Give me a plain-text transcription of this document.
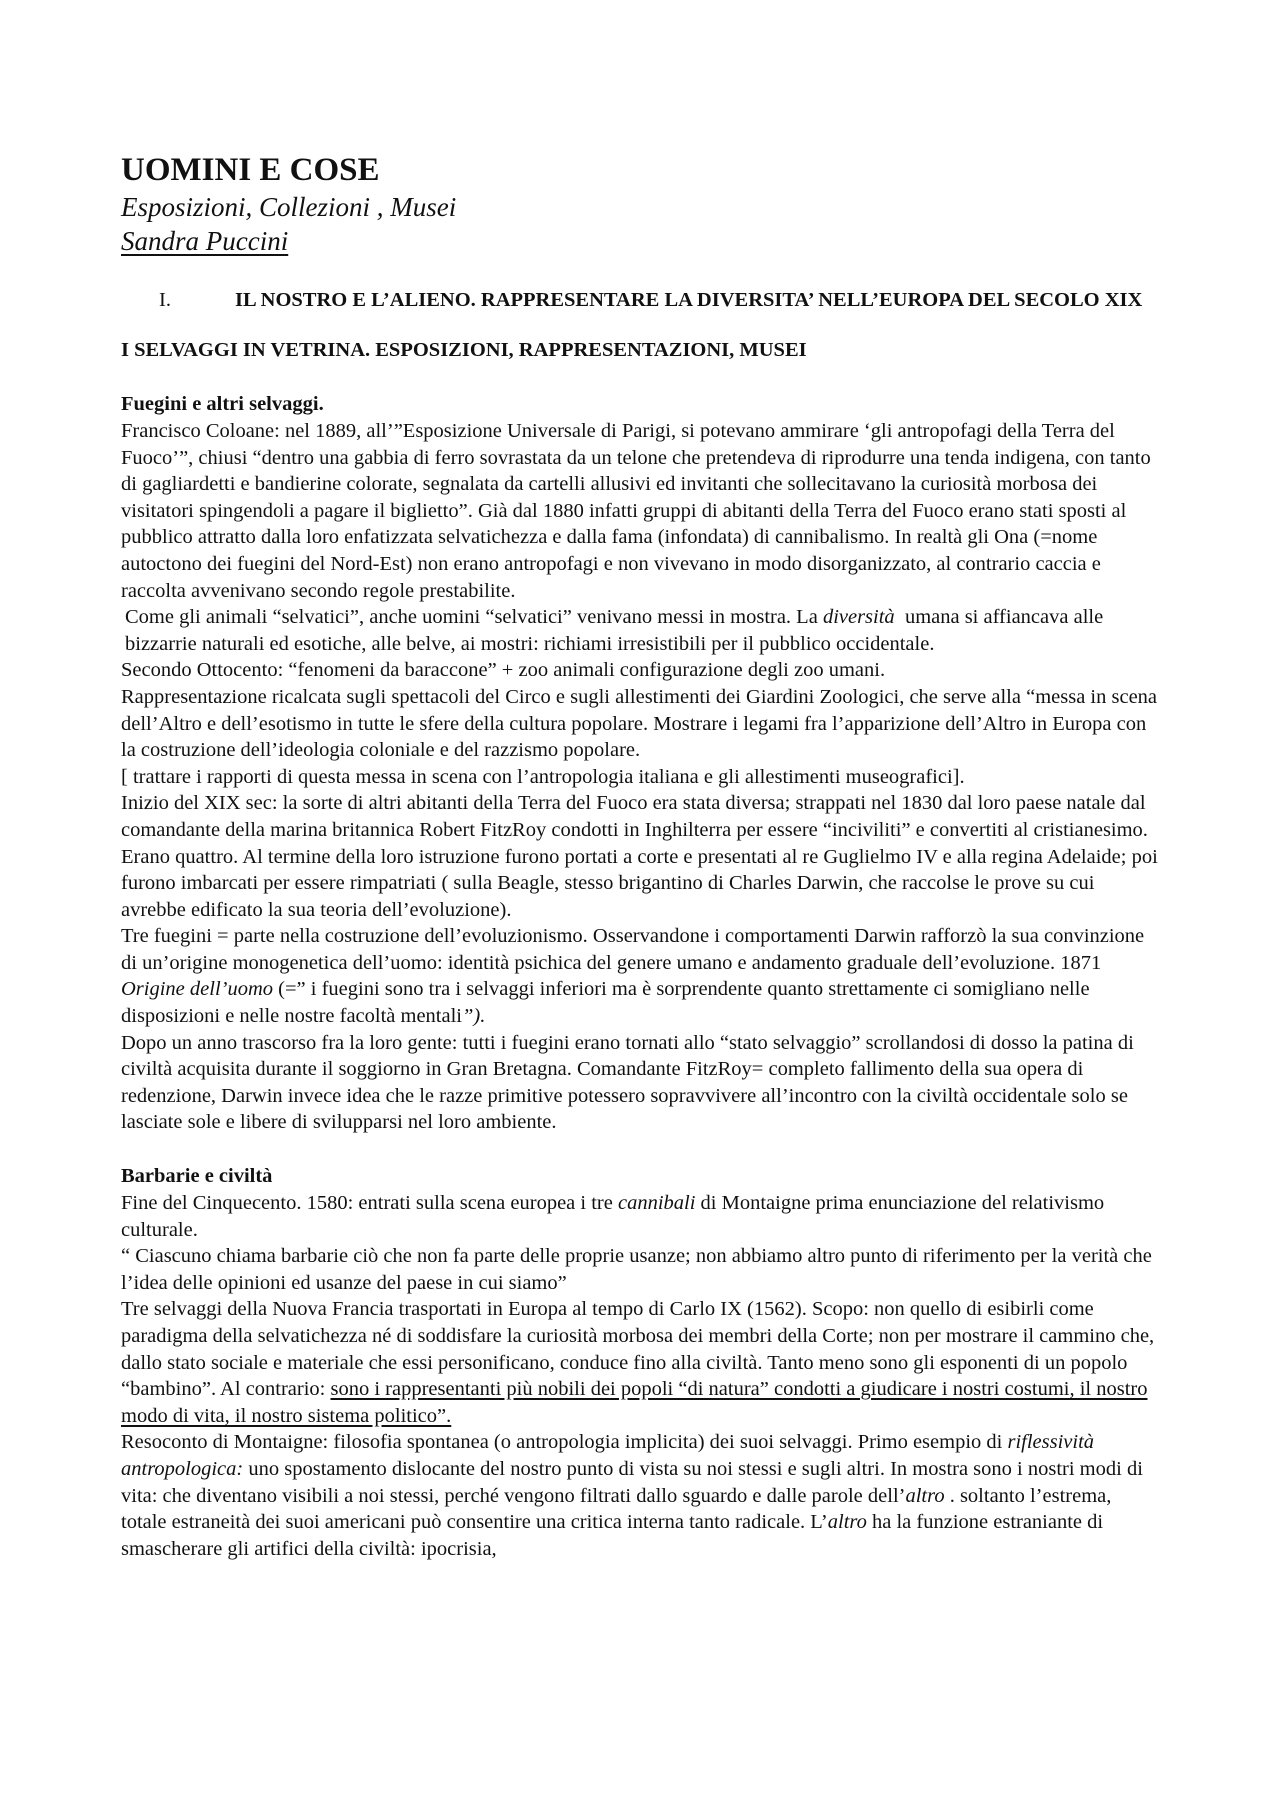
UOMINI E COSE
Esposizioni, Collezioni , Musei
Sandra Puccini
I.	IL NOSTRO E L’ALIENO. RAPPRESENTARE LA DIVERSITA’ NELL’EUROPA DEL SECOLO XIX
I SELVAGGI IN VETRINA. ESPOSIZIONI, RAPPRESENTAZIONI, MUSEI
Fuegini e altri selvaggi.

Francisco Coloane: nel 1889, all’”Esposizione Universale di Parigi, si potevano ammirare ‘gli antropofagi della Terra del Fuoco’”, chiusi “dentro una gabbia di ferro sovrastata da un telone che pretendeva di riprodurre una tenda indigena, con tanto di gagliardetti e bandierine colorate, segnalata da cartelli allusivi ed invitanti che sollecitavano la curiosità morbosa dei visitatori spingendoli a pagare il biglietto”. Già dal 1880 infatti gruppi di abitanti della Terra del Fuoco erano stati sposti al pubblico attratto dalla loro enfatizzata selvatichezza e dalla fama (infondata) di cannibalismo. In realtà gli Ona (=nome autoctono dei fuegini del Nord-Est) non erano antropofagi e non vivevano in modo disorganizzato, al contrario caccia e raccolta avvenivano secondo regole prestabilite.

Come gli animali “selvatici”, anche uomini “selvatici” venivano messi in mostra. La diversità umana si affiancava alle bizzarrie naturali ed esotiche, alle belve, ai mostri: richiami irresistibili per il pubblico occidentale.

Secondo Ottocento: “fenomeni da baraccone” + zoo animali configurazione degli zoo umani.

Rappresentazione ricalcata sugli spettacoli del Circo e sugli allestimenti dei Giardini Zoologici, che serve alla “messa in scena dell’Altro e dell’esotismo in tutte le sfere della cultura popolare. Mostrare i legami fra l’apparizione dell’Altro in Europa con la costruzione dell’ideologia coloniale e del razzismo popolare.

[ trattare i rapporti di questa messa in scena con l’antropologia italiana e gli allestimenti museografici].

Inizio del XIX sec: la sorte di altri abitanti della Terra del Fuoco era stata diversa; strappati nel 1830 dal loro paese natale dal comandante della marina britannica Robert FitzRoy condotti in Inghilterra per essere “inciviliti” e convertiti al cristianesimo. Erano quattro. Al termine della loro istruzione furono portati a corte e presentati al re Guglielmo IV e alla regina Adelaide; poi furono imbarcati per essere rimpatriati ( sulla Beagle, stesso brigantino di Charles Darwin, che raccolse le prove su cui avrebbe edificato la sua teoria dell’evoluzione).

Tre fuegini = parte nella costruzione dell’evoluzionismo. Osservandone i comportamenti Darwin rafforzò la sua convinzione di un’origine monogenetica dell’uomo: identità psichica del genere umano e andamento graduale dell’evoluzione. 1871 Origine dell’uomo (=” i fuegini sono tra i selvaggi inferiori ma è sorprendente quanto strettamente ci somigliano nelle disposizioni e nelle nostre facoltà mentali”).

Dopo un anno trascorso fra la loro gente: tutti i fuegini erano tornati allo “stato selvaggio” scrollandosi di dosso la patina di civiltà acquisita durante il soggiorno in Gran Bretagna. Comandante FitzRoy= completo fallimento della sua opera di redenzione, Darwin invece idea che le razze primitive potessero sopravvivere all’incontro con la civiltà occidentale solo se lasciate sole e libere di svilupparsi nel loro ambiente.

Barbarie e civiltà

Fine del Cinquecento. 1580: entrati sulla scena europea i tre cannibali di Montaigne prima enunciazione del relativismo culturale.

“ Ciascuno chiama barbarie ciò che non fa parte delle proprie usanze; non abbiamo altro punto di riferimento per la verità che l’idea delle opinioni ed usanze del paese in cui siamo”

Tre selvaggi della Nuova Francia trasportati in Europa al tempo di Carlo IX (1562). Scopo: non quello di esibirli come paradigma della selvatichezza né di soddisfare la curiosità morbosa dei membri della Corte; non per mostrare il cammino che, dallo stato sociale e materiale che essi personificano, conduce fino alla civiltà. Tanto meno sono gli esponenti di un popolo “bambino”. Al contrario: sono i rappresentanti più nobili dei popoli “di natura” condotti a giudicare i nostri costumi, il nostro modo di vita, il nostro sistema politico”.

Resoconto di Montaigne: filosofia spontanea (o antropologia implicita) dei suoi selvaggi. Primo esempio di riflessività antropologica: uno spostamento dislocante del nostro punto di vista su noi stessi e sugli altri. In mostra sono i nostri modi di vita: che diventano visibili a noi stessi, perché vengono filtrati dallo sguardo e dalle parole dell’altro . soltanto l’estrema, totale estraneità dei suoi americani può consentire una critica interna tanto radicale. L’altro ha la funzione estraniante di smascherare gli artifici della civiltà: ipocrisia,
